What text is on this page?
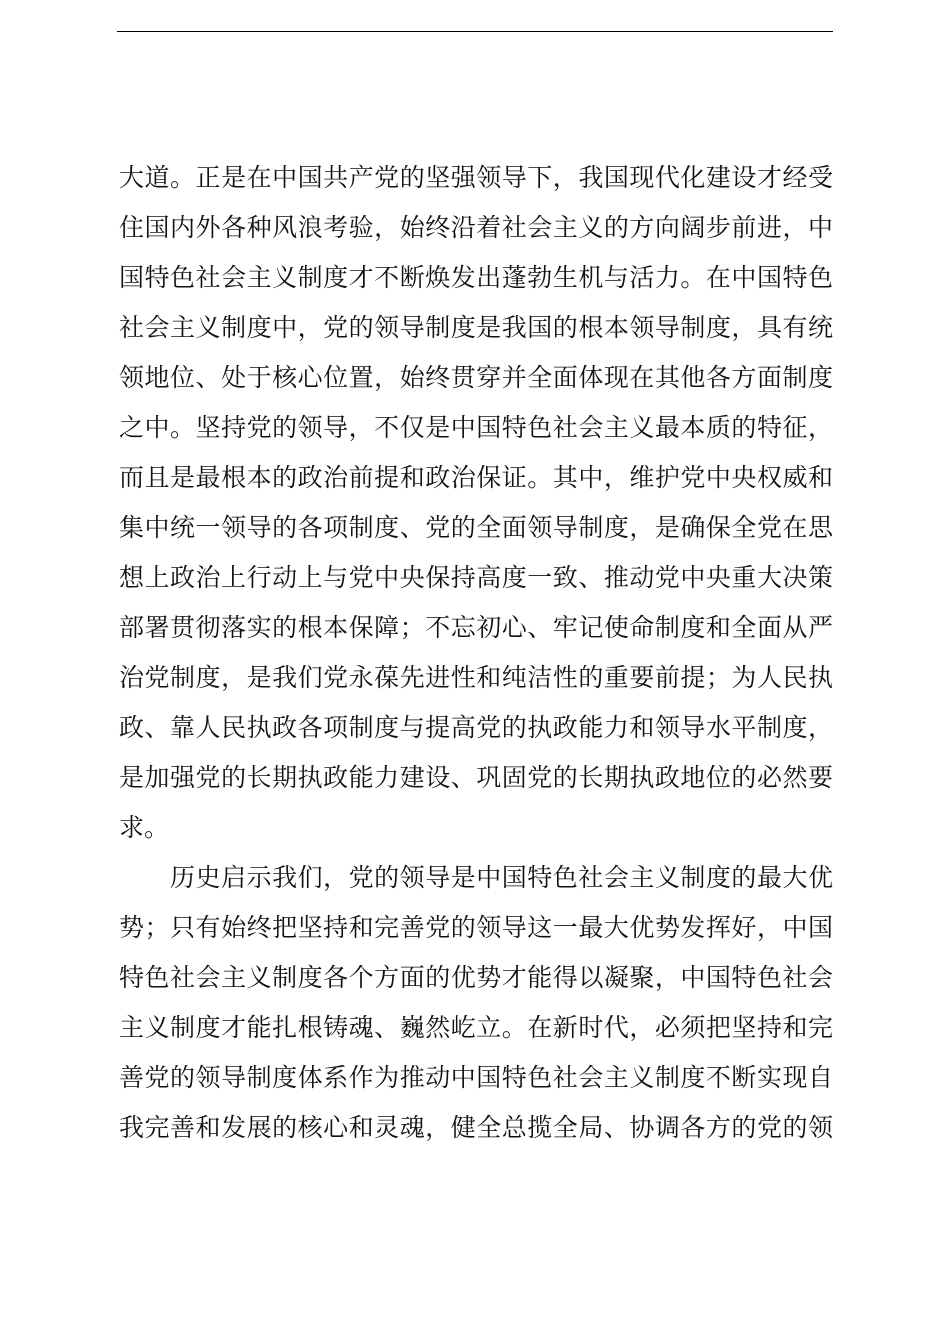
大道。正是在中国共产党的坚强领导下，我国现代化建设才经受
住国内外各种风浪考验，始终沿着社会主义的方向阔步前进，中
国特色社会主义制度才不断焕发出蓬勃生机与活力。在中国特色
社会主义制度中，党的领导制度是我国的根本领导制度，具有统
领地位、处于核心位置，始终贯穿并全面体现在其他各方面制度
之中。坚持党的领导，不仅是中国特色社会主义最本质的特征，
而且是最根本的政治前提和政治保证。其中，维护党中央权威和
集中统一领导的各项制度、党的全面领导制度，是确保全党在思
想上政治上行动上与党中央保持高度一致、推动党中央重大决策
部署贯彻落实的根本保障；不忘初心、牢记使命制度和全面从严
治党制度，是我们党永葆先进性和纯洁性的重要前提；为人民执
政、靠人民执政各项制度与提高党的执政能力和领导水平制度，
是加强党的长期执政能力建设、巩固党的长期执政地位的必然要
求。
历史启示我们，党的领导是中国特色社会主义制度的最大优
势；只有始终把坚持和完善党的领导这一最大优势发挥好，中国
特色社会主义制度各个方面的优势才能得以凝聚，中国特色社会
主义制度才能扎根铸魂、巍然屹立。在新时代，必须把坚持和完
善党的领导制度体系作为推动中国特色社会主义制度不断实现自
我完善和发展的核心和灵魂，健全总揽全局、协调各方的党的领
